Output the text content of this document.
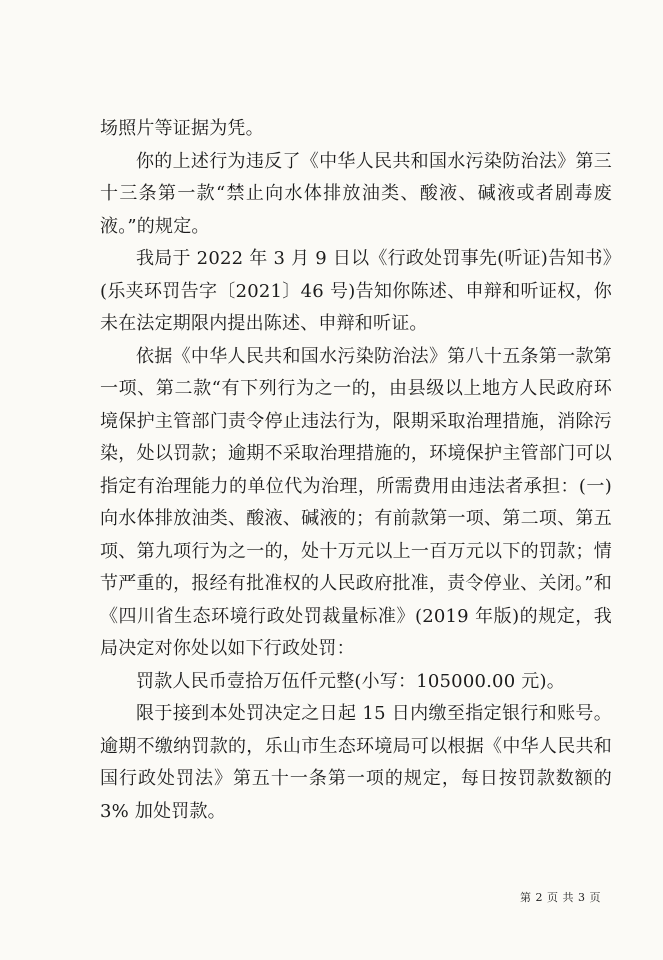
场照片等证据为凭。

你的上述行为违反了《中华人民共和国水污染防治法》第三十三条第一款“禁止向水体排放油类、酸液、碱液或者剧毒废液。”的规定。

我局于 2022 年 3 月 9 日以《行政处罚事先(听证)告知书》(乐夹环罚告字〔2021〕46 号)告知你陈述、申辩和听证权，你未在法定期限内提出陈述、申辩和听证。

依据《中华人民共和国水污染防治法》第八十五条第一款第一项、第二款“有下列行为之一的，由县级以上地方人民政府环境保护主管部门责令停止违法行为，限期采取治理措施，消除污染，处以罚款；逾期不采取治理措施的，环境保护主管部门可以指定有治理能力的单位代为治理，所需费用由违法者承担：(一)向水体排放油类、酸液、碱液的；有前款第一项、第二项、第五项、第九项行为之一的，处十万元以上一百万元以下的罚款；情节严重的，报经有批准权的人民政府批准，责令停业、关闭。”和《四川省生态环境行政处罚裁量标准》(2019 年版)的规定，我局决定对你处以如下行政处罚：

罚款人民币壹拾万伍仟元整(小写：105000.00 元)。

限于接到本处罚决定之日起 15 日内缴至指定银行和账号。逾期不缴纳罚款的，乐山市生态环境局可以根据《中华人民共和国行政处罚法》第五十一条第一项的规定，每日按罚款数额的 3% 加处罚款。

第 2 页 共 3 页
